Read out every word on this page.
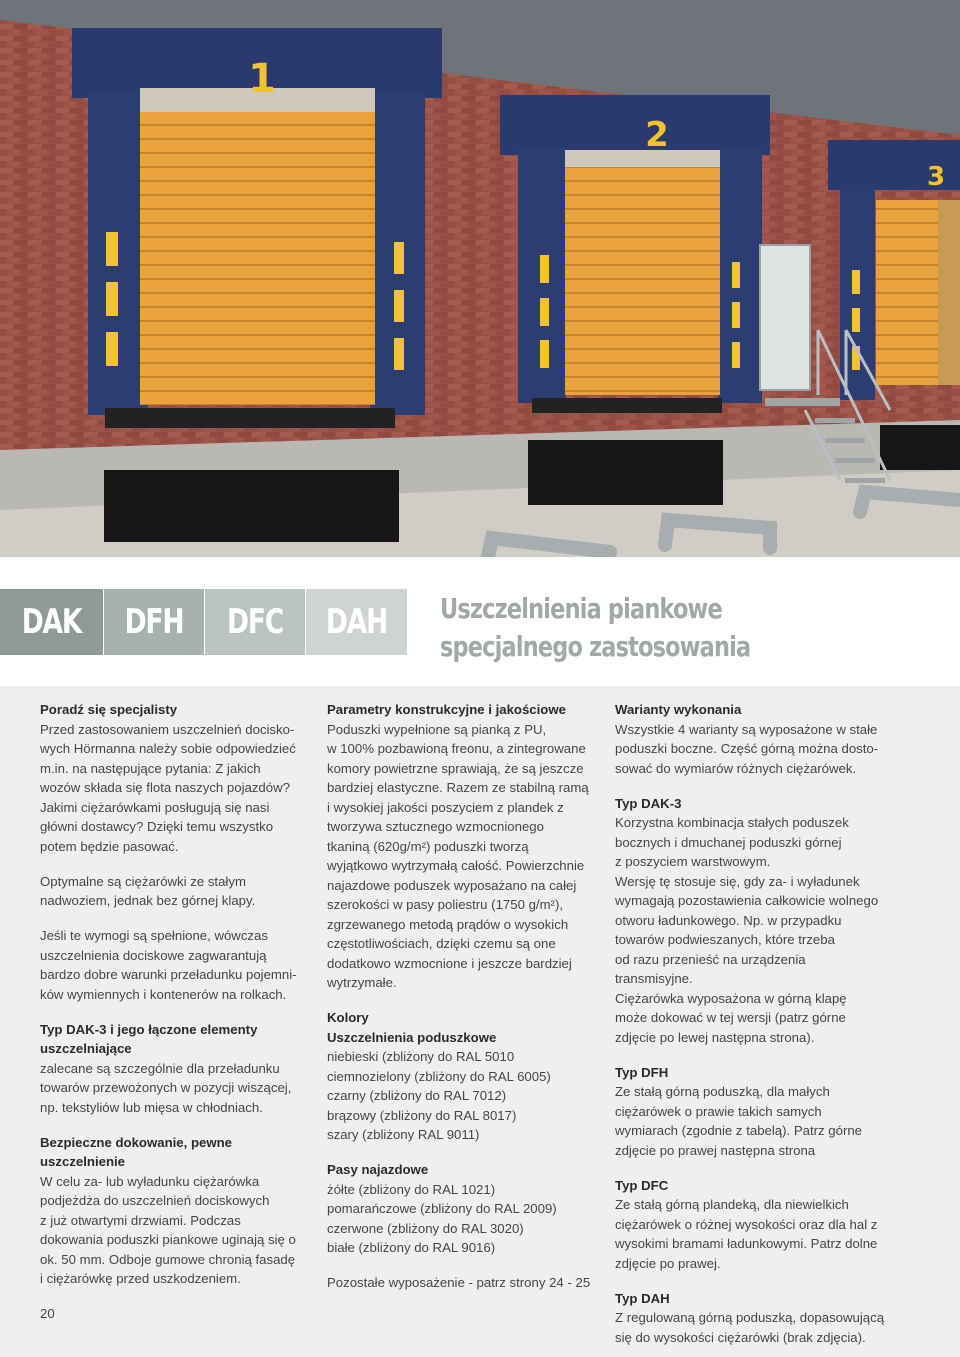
1
2
3
DAK	DFH	DFC	DAH	Uszczelnienia piankowe
specjalnego zastosowania

Poradź się specjalisty

Przed zastosowaniem uszczelnień docisko-

wych Hörmanna należy sobie odpowiedzieć

m.in. na następujące pytania: Z jakich

wozów składa się flota naszych pojazdów?

Jakimi ciężarówkami posługują się nasi

główni dostawcy? Dzięki temu wszystko

potem będzie pasować.

Optymalne są ciężarówki ze stałym

nadwoziem, jednak bez górnej klapy.

Jeśli te wymogi są spełnione, wówczas

uszczelnienia dociskowe zagwarantują

bardzo dobre warunki przeładunku pojemni-

ków wymiennych i kontenerów na rolkach.

Typ DAK-3 i jego łączone elementy

uszczelniające

zalecane są szczególnie dla przeładunku

towarów przewożonych w pozycji wiszącej,

np. tekstyliów lub mięsa w chłodniach.

Bezpieczne dokowanie, pewne

uszczelnienie

W celu za- lub wyładunku ciężarówka

podjeżdża do uszczelnień dociskowych

z już otwartymi drzwiami. Podczas

dokowania poduszki piankowe uginają się o

ok. 50 mm. Odboje gumowe chronią fasadę

i ciężarówkę przed uszkodzeniem.

Parametry konstrukcyjne i jakościowe

Poduszki wypełnione są pianką z PU,

w 100% pozbawioną freonu, a zintegrowane

komory powietrzne sprawiają, że są jeszcze

bardziej elastyczne. Razem ze stabilną ramą

i wysokiej jakości poszyciem z plandek z

tworzywa sztucznego wzmocnionego

tkaniną (620g/m²) poduszki tworzą

wyjątkowo wytrzymałą całość. Powierzchnie

najazdowe poduszek wyposażano na całej

szerokości w pasy poliestru (1750 g/m²),

zgrzewanego metodą prądów o wysokich

częstotliwościach, dzięki czemu są one

dodatkowo wzmocnione i jeszcze bardziej

wytrzymałe.

Kolory

Uszczelnienia poduszkowe

niebieski (zbliżony do RAL 5010

ciemnozielony (zbliżony do RAL 6005)

czarny (zbliżony do RAL 7012)

brązowy (zbliżony do RAL 8017)

szary (zbliżony RAL 9011)

Pasy najazdowe

żółte (zbliżony do RAL 1021)

pomarańczowe (zbliżony do RAL 2009)

czerwone (zbliżony do RAL 3020)

białe (zbliżony do RAL 9016)

Pozostałe wyposażenie - patrz strony 24 - 25

Warianty wykonania

Wszystkie 4 warianty są wyposażone w stałe

poduszki boczne. Część górną można dosto-

sować do wymiarów różnych ciężarówek.

Typ DAK-3

Korzystna kombinacja stałych poduszek

bocznych i dmuchanej poduszki górnej

z poszyciem warstwowym.

Wersję tę stosuje się, gdy za- i wyładunek

wymagają pozostawienia całkowicie wolnego

otworu ładunkowego. Np. w przypadku

towarów podwieszanych, które trzeba

od razu przenieść na urządzenia transmisyjne.

Ciężarówka wyposażona w górną klapę

może dokować w tej wersji (patrz górne

zdjęcie po lewej następna strona).

Typ DFH

Ze stałą górną poduszką, dla małych

ciężarówek o prawie takich samych

wymiarach (zgodnie z tabelą). Patrz górne

zdjęcie po prawej następna strona

Typ DFC

Ze stałą górną plandeką, dla niewielkich

ciężarówek o różnej wysokości oraz dla hal z

wysokimi bramami ładunkowymi. Patrz dolne

zdjęcie po prawej.

Typ DAH

Z regulowaną górną poduszką, dopasowującą

się do wysokości ciężarówki (brak zdjęcia).

20
